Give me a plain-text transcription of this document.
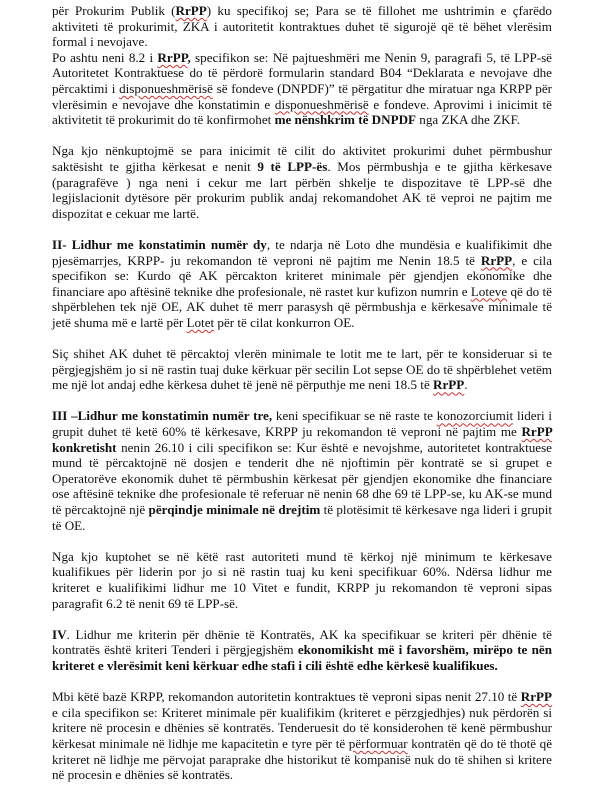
për Prokurim Publik (RrPP) ku specifikoj se; Para se të fillohet me ushtrimin e çfarëdo aktiviteti të prokurimit, ZKA i autoritetit kontraktues duhet të sigurojë që të bëhet vlerësim formal i nevojave.

Po ashtu neni 8.2 i RrPP, specifikon se: Në pajtueshmëri me Nenin 9, paragrafi 5, të LPP-së Autoritetet Kontraktuese do të përdorë formularin standard B04 “Deklarata e nevojave dhe përcaktimi i disponueshmërisë së fondeve (DNPDF)” të përgatitur dhe miratuar nga KRPP për vlerësimin e nevojave dhe konstatimin e disponueshmërisë e fondeve. Aprovimi i inicimit të aktivitetit të prokurimit do të konfirmohet me nënshkrim të DNPDF nga ZKA dhe ZKF.

Nga kjo nënkuptojmë se para inicimit të cilit do aktivitet prokurimi duhet përmbushur saktësisht te gjitha kërkesat e nenit 9 të LPP-ës. Mos përmbushja e te gjitha kërkesave (paragrafëve ) nga neni i cekur me lart përbën shkelje te dispozitave të LPP-së dhe legjislacionit dytësore për prokurim publik andaj rekomandohet AK të veproi ne pajtim me dispozitat e cekuar me lartë.

II- Lidhur me konstatimin numër dy, te ndarja në Loto dhe mundësia e kualifikimit dhe pjesëmarrjes, KRPP- ju rekomandon të veproni në pajtim me Nenin 18.5 të RrPP, e cila specifikon se: Kurdo që AK përcakton kriteret minimale për gjendjen ekonomike dhe financiare apo aftësinë teknike dhe profesionale, në rastet kur kufizon numrin e Loteve që do të shpërblehen tek një OE, AK duhet të merr parasysh që përmbushja e kërkesave minimale të jetë shuma më e lartë për Lotet për të cilat konkurron OE.

Siç shihet AK duhet të përcaktoj vlerën minimale te lotit me te lart, për te konsideruar si te përgjegjshëm jo si në rastin tuaj duke kërkuar për secilin Lot sepse OE do të shpërblehet vetëm me një lot andaj edhe kërkesa duhet të jenë në përputhje me neni 18.5 të RrPP.

III –Lidhur me konstatimin numër tre, keni specifikuar se në raste te konozorciumit lideri i grupit duhet të ketë 60% të kërkesave, KRPP ju rekomandon të veproni në pajtim me RrPP konkretisht nenin 26.10 i cili specifikon se: Kur është e nevojshme, autoritetet kontraktuese mund të përcaktojnë në dosjen e tenderit dhe në njoftimin për kontratë se si grupet e Operatorëve ekonomik duhet të përmbushin kërkesat për gjendjen ekonomike dhe financiare ose aftësinë teknike dhe profesionale të referuar në nenin 68 dhe 69 të LPP-se, ku AK-se mund të përcaktojnë një përqindje minimale në drejtim të plotësimit të kërkesave nga lideri i grupit të OE.

Nga kjo kuptohet se në këtë rast autoriteti mund të kërkoj një minimum te kërkesave kualifikues për liderin por jo si në rastin tuaj ku keni specifikuar 60%. Ndërsa lidhur me kriteret e kualifikimi lidhur me 10 Vitet e fundit, KRPP ju rekomandon të veproni sipas paragrafit 6.2 të nenit 69 të LPP-së.

IV. Lidhur me kriterin për dhënie të Kontratës, AK ka specifikuar se kriteri për dhënie të kontratës është kriteri Tenderi i përgjegjshëm ekonomikisht më i favorshëm, mirëpo te nën kriteret e vlerësimit keni kërkuar edhe stafi i cili është edhe kërkesë kualifikues.

Mbi këtë bazë KRPP, rekomandon autoritetin kontraktues të veproni sipas nenit 27.10 të RrPP e cila specifikon se: Kriteret minimale për kualifikim (kriteret e përzgjedhjes) nuk përdorën si kritere në procesin e dhënies së kontratës. Tenderuesit do të konsiderohen të kenë përmbushur kërkesat minimale në lidhje me kapacitetin e tyre për të përformuar kontratën që do të thotë që kriteret në lidhje me përvojat paraprake dhe historikut të kompanisë nuk do të shihen si kritere në procesin e dhënies së kontratës.
